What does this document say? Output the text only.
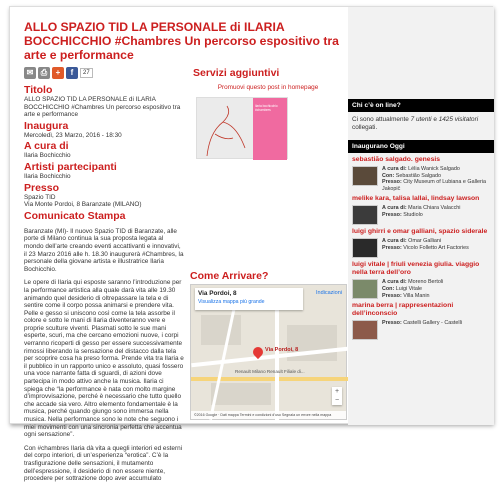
ALLO SPAZIO TID LA PERSONALE di ILARIA BOCCHICCHIO #Chambres Un percorso espositivo tra arte e performance
✉ ⎙	+	f	27
Titolo
ALLO SPAZIO TID LA PERSONALE di ILARIA BOCCHICCHIO #Chambres Un percorso espositivo tra arte e performance
Inaugura
Mercoledì, 23 Marzo, 2016 - 18:30
A cura di
Ilaria Bochicchio
Artisti partecipanti
Ilaria Bochicchio
Presso
Spazio TID
Via Monte Pordoi, 8 Baranzate (MILANO)
Comunicato Stampa
Baranzate (MI)- Il nuovo Spazio TID di Baranzate, alle porte di Milano continua la sua proposta legata al mondo dell’arte creando eventi accattivanti e innovativi, il 23 Marzo 2016 alle h. 18.30 inaugurerà #Chambres, la personale della giovane artista e illustratrice Ilaria Bochicchio.
Le opere di Ilaria qui esposte saranno l’introduzione per la performance artistica alla quale darà vita alle 19.30 animando quel desiderio di oltrepassare la tela e di sentire come il corpo possa animarsi e prendere vita. Pelle e gesso si uniscono così come la tela assorbe il colore e sotto le mani di Ilaria diventeranno vere e proprie sculture viventi. Plasmati sotto le sue mani esperte, scuri, ma che cercano emozioni nuove, i corpi verranno ricoperti di gesso per essere successivamente rimossi liberando la sensazione del distacco dalla tela per scoprire cosa ha preso forma. Prende vita tra Ilaria e il pubblico in un rapporto unico e assoluto, quasi fossero una voce narrante fatta di sguardi, di azioni dove partecipa in modo attivo anche la musica. Ilaria ci spiega che “la performance è nata con molto margine d’improvvisazione, perché è necessario che tutto quello che accade sia vero. Altro elemento fondamentale è la musica, perché quando giungo sono immersa nella musica. Nella performance sono le note che seguono i miei movimenti con una sincronia perfetta che accentua ogni sensazione”.
Con #chambres Ilaria dà vita a quegli interiori ed esterni del corpo interiori, di un’esperienza “erotica”. C’è la trasfigurazione delle sensazioni, il mutamento dell’espressione, il desiderio di non essere niente, procedere per sottrazione dopo aver accumulato
Servizi aggiuntivi
Promuovi questo post in homepage
ilaria bochicchio #chambres
Come Arrivare?
Via Pordoi, 8
Visualizza mappa più grande
Indicazioni
Via Pordoi, 8
Renault Milano Renault Filiale di...
+
−
©2016 Google · Dati mappa Termini e condizioni d’uso Segnala un errore nella mappa
Chi c’è on line?
Ci sono attualmente 7 utenti e 1425 visitatori collegati.
Inaugurano Oggi
sebastião salgado. genesis
A cura di: Lélia Wanick Salgado
Con: Sebastião Salgado
Presso: City Museum of Lubiana e Galleria Jakopič
melike kara, talisa lallai, lindsay lawson
A cura di: Maria Chiara Valacchi
Presso: Studiolo
luigi ghirri e omar galliani, spazio siderale
A cura di: Omar Galliani
Presso: Vicolo Folletto Art Factories
luigi vitale | friuli venezia giulia. viaggio nella terra dell’oro
A cura di: Moreno Bertoli
Con: Luigi Vitale
Presso: Villa Manin
marina berra | rappresentazioni dell’inconscio
Presso: Castelli Gallery - Castelli
